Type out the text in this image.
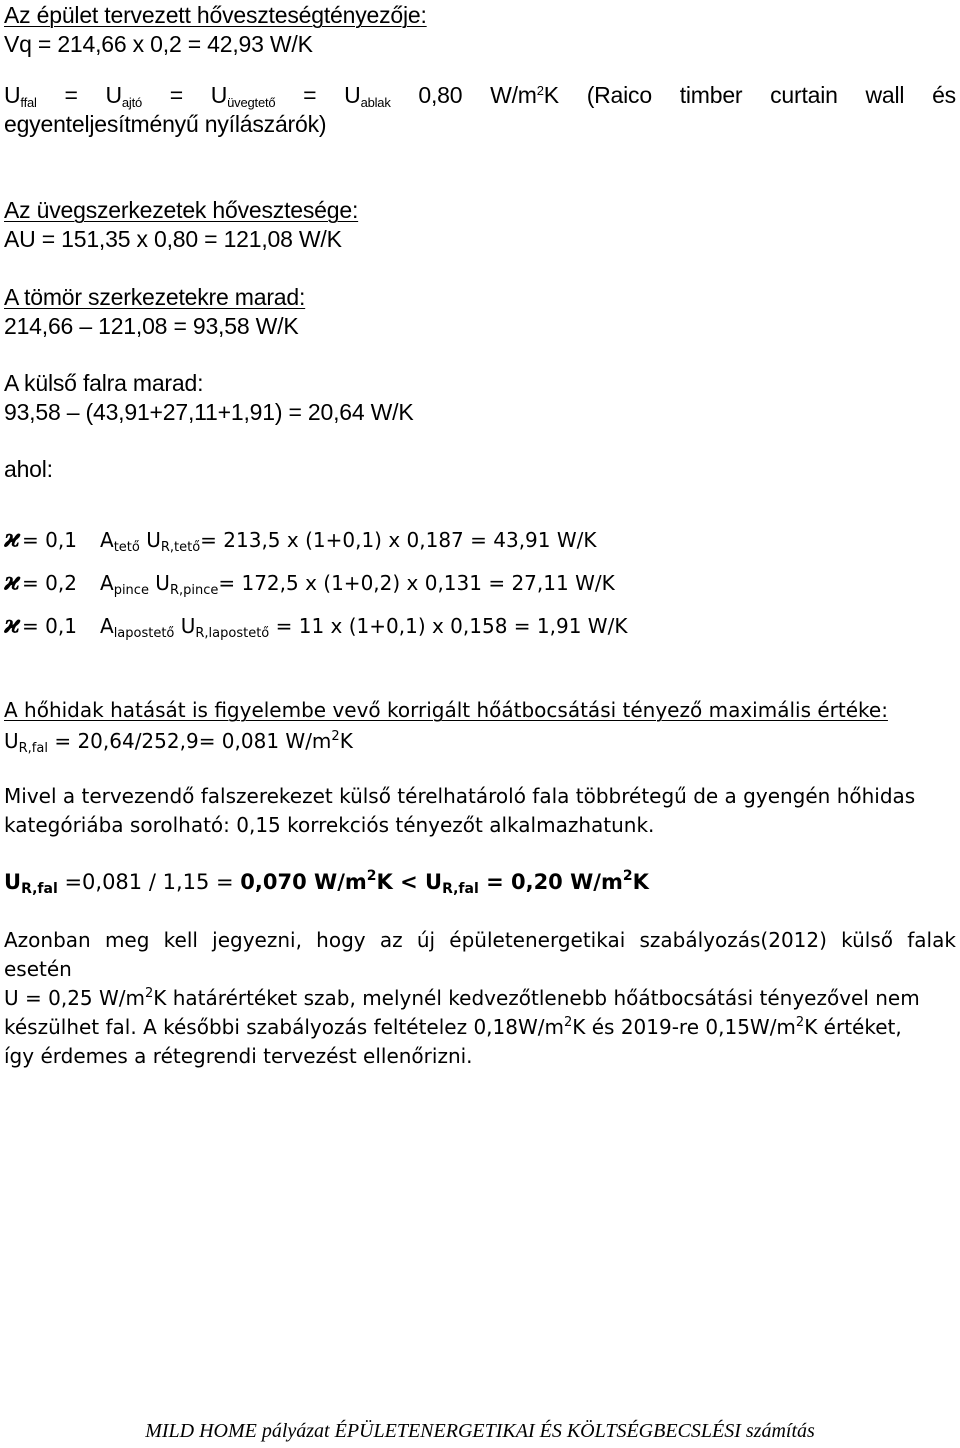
Az épület tervezett hőveszteségtényezője:
Vq = 214,66 x 0,2 = 42,93 W/K
$U_{ffal} = U_{ajtó} = U_{üvegtető} = U_{ablak}$ 0,80 $W/m^2K$ (Raico timber curtain wall és
egyenteljesítményű nyílászárók)
Az üvegszerkezetek hővesztesége:
AU = 151,35 x 0,80 = 121,08 W/K
A tömör szerkezetekre marad:
214,66 – 121,08 = 93,58 W/K
A külső falra marad:
93,58 – (43,91+27,11+1,91) = 20,64 W/K
ahol:
ϰ= 0,1 $A_{tető}$ $U_{R,tető}= 213,5$ x (1+0,1) x 0,187 = 43,91 W/K
ϰ= 0,2 $A_{pince}$ $U_{R,pince}= 172,5$ x (1+0,2) x 0,131 = 27,11 W/K
ϰ= 0,1 $A_{lapostető}$ $U_{R,lapostető} = 11$ x (1+0,1) x 0,158 = 1,91 W/K
A hőhidak hatását is figyelembe vevő korrigált hőátbocsátási tényező maximális értéke:
$U_{R,fal} = 20,64/252,9= 0,081$ $W/m^2K$
Mivel a tervezendő falszerekezet külső térelhatároló fala többrétegű de a gyengén hőhidas
kategóriába sorolható: 0,15 korrekciós tényezőt alkalmazhatunk.
$U_{R,fal} =0,081 / 1,15 = 0,070$ $W/m^2K < U_{R,fal} = 0,20$ $W/m^2K$
Azonban meg kell jegyezni, hogy az új épületenergetikai szabályozás(2012) külső falak
esetén
U = 0,25 $W/m^2K$ határértéket szab, melynél kedvezőtlenebb hőátbocsátási tényezővel nem
készülhet fal. A későbbi szabályozás feltételez $0,18W/m^2K$ és 2019-re $0,15W/m^2K$ értéket,
így érdemes a rétegrendi tervezést ellenőrizni.
MILD HOME pályázat ÉPÜLETENERGETIKAI ÉS KÖLTSÉGBECSLÉSI számítás
